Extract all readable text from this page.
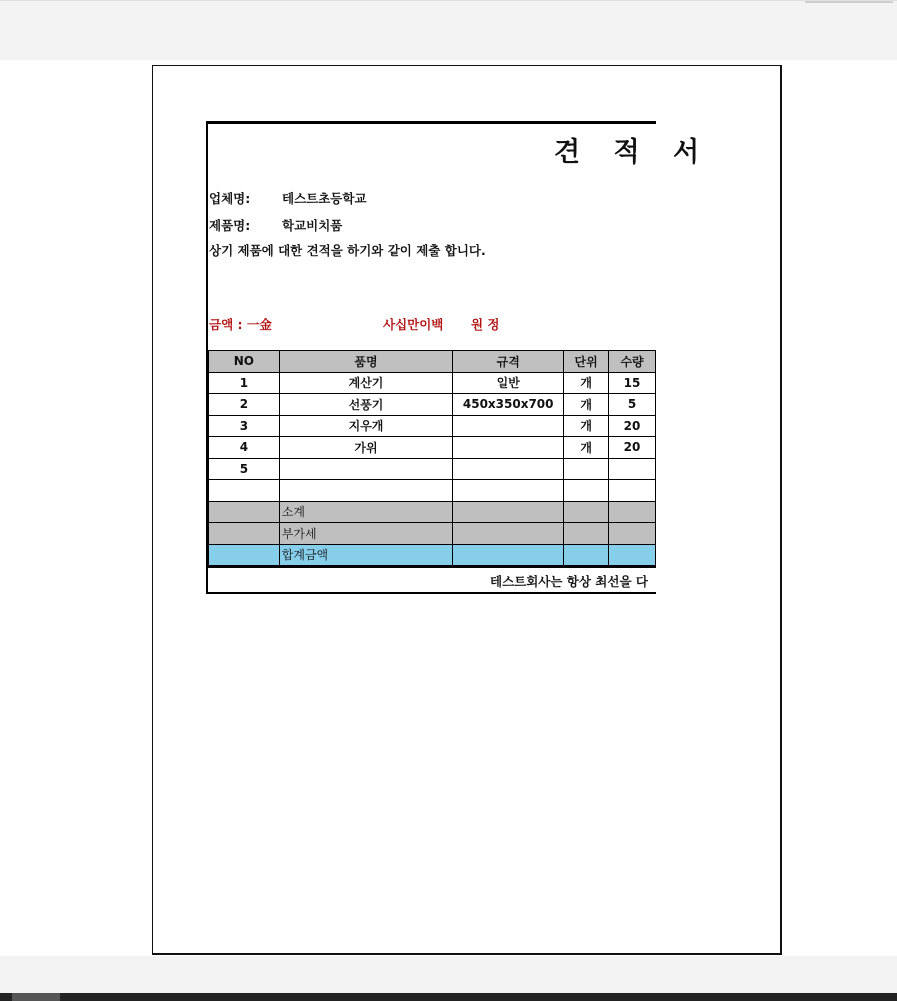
견 적 서
업체명:	테스트초등학교
제품명:	학교비치품
상기 제품에 대한 견적을 하기와 같이 제출 합니다.
금액 : 一金	사십만이백 원 정
NO	품명	규격	단위	수량
1	계산기	일반	개	15
2	선풍기	450x350x700	개	5
3	지우개		개	20
4	가위		개	20
5				

	소계			
	부가세			
	합계금액			
테스트회사는 항상 최선을 다
